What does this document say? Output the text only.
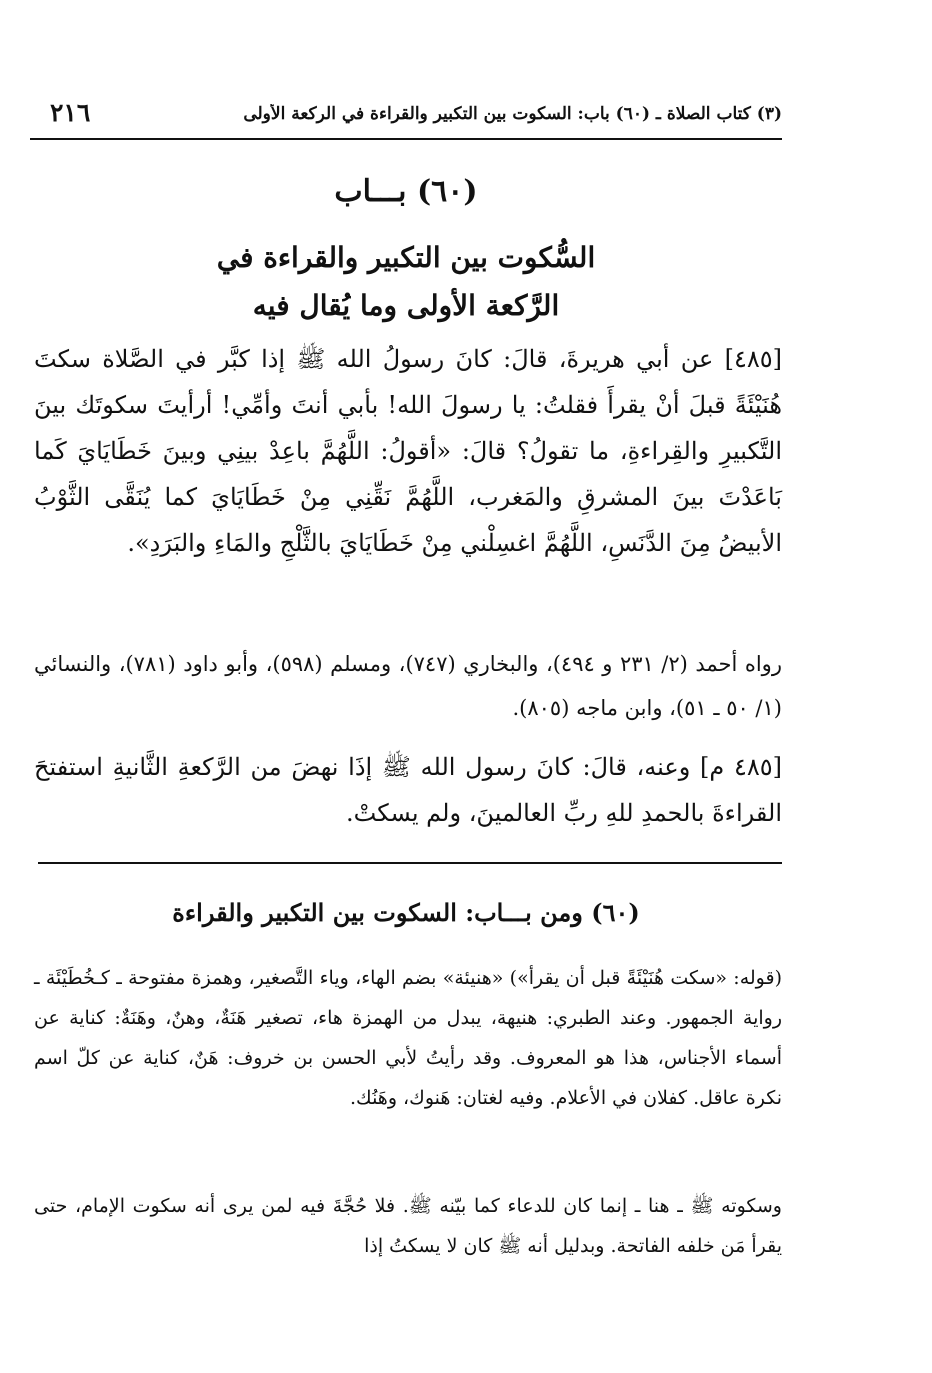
٢١٦	(٣) كتاب الصلاة ـ (٦٠) باب: السكوت بين التكبير والقراءة في الركعة الأولى
(٦٠) بـــاب
السُّكوت بين التكبير والقراءة في
الرَّكعة الأولى وما يُقال فيه
[٤٨٥] عن أبي هريرةَ، قالَ: كانَ رسولُ الله ﷺ إذا كبَّر في الصَّلاة سكتَ هُنَيْئَةً قبلَ أنْ يقرأَ فقلتُ: يا رسولَ الله! بأبي أنتَ وأمِّي! أرأيتَ سكوتَك بينَ التَّكبيرِ والقِراءةِ، ما تقولُ؟ قالَ: «أقولُ: اللَّهُمَّ باعِدْ بينِي وبينَ خَطَايَايَ كَما بَاعَدْتَ بينَ المشرقِ والمَغرب، اللَّهُمَّ نَقِّنِي مِنْ خَطَايَايَ كما يُنَقَّى الثَّوْبُ الأبيضُ مِنَ الدَّنَسِ، اللَّهُمَّ اغسِلْني مِنْ خَطَايَايَ بالثَّلْجِ والمَاءِ والبَرَدِ».
رواه أحمد (٢/ ٢٣١ و ٤٩٤)، والبخاري (٧٤٧)، ومسلم (٥٩٨)، وأبو داود (٧٨١)، والنسائي (١/ ٥٠ ـ ٥١)، وابن ماجه (٨٠٥).
[٤٨٥ م] وعنه، قالَ: كانَ رسول الله ﷺ إذَا نهضَ من الرَّكعةِ الثَّانيةِ استفتحَ القراءةَ بالحمدِ للهِ ربِّ العالمينَ، ولم يسكتْ.
(٦٠) ومن بـــاب: السكوت بين التكبير والقراءة
(قوله: «سكت هُنَيْئَةً قبل أن يقرأ») «هنيئة» بضم الهاء، وياء التَّصغير، وهمزة مفتوحة ـ كـخُطَيْئَة ـ رواية الجمهور. وعند الطبري: هنيهة، يبدل من الهمزة هاء، تصغير هَنَةٌ، وهنٌ، وهَنَةٌ: كناية عن أسماء الأجناس، هذا هو المعروف. وقد رأيتُ لأبي الحسن بن خروف: هَنٌ، كناية عن كلّ اسم نكرة عاقل. كفلان في الأعلام. وفيه لغتان: هَنوك، وهَنُك.
وسكوته ﷺ ـ هنا ـ إنما كان للدعاء كما بيّنه ﷺ. فلا حُجَّةَ فيه لمن يرى أنه سكوت الإمام، حتى يقرأ مَن خلفه الفاتحة. وبدليل أنه ﷺ كان لا يسكتُ إذا
